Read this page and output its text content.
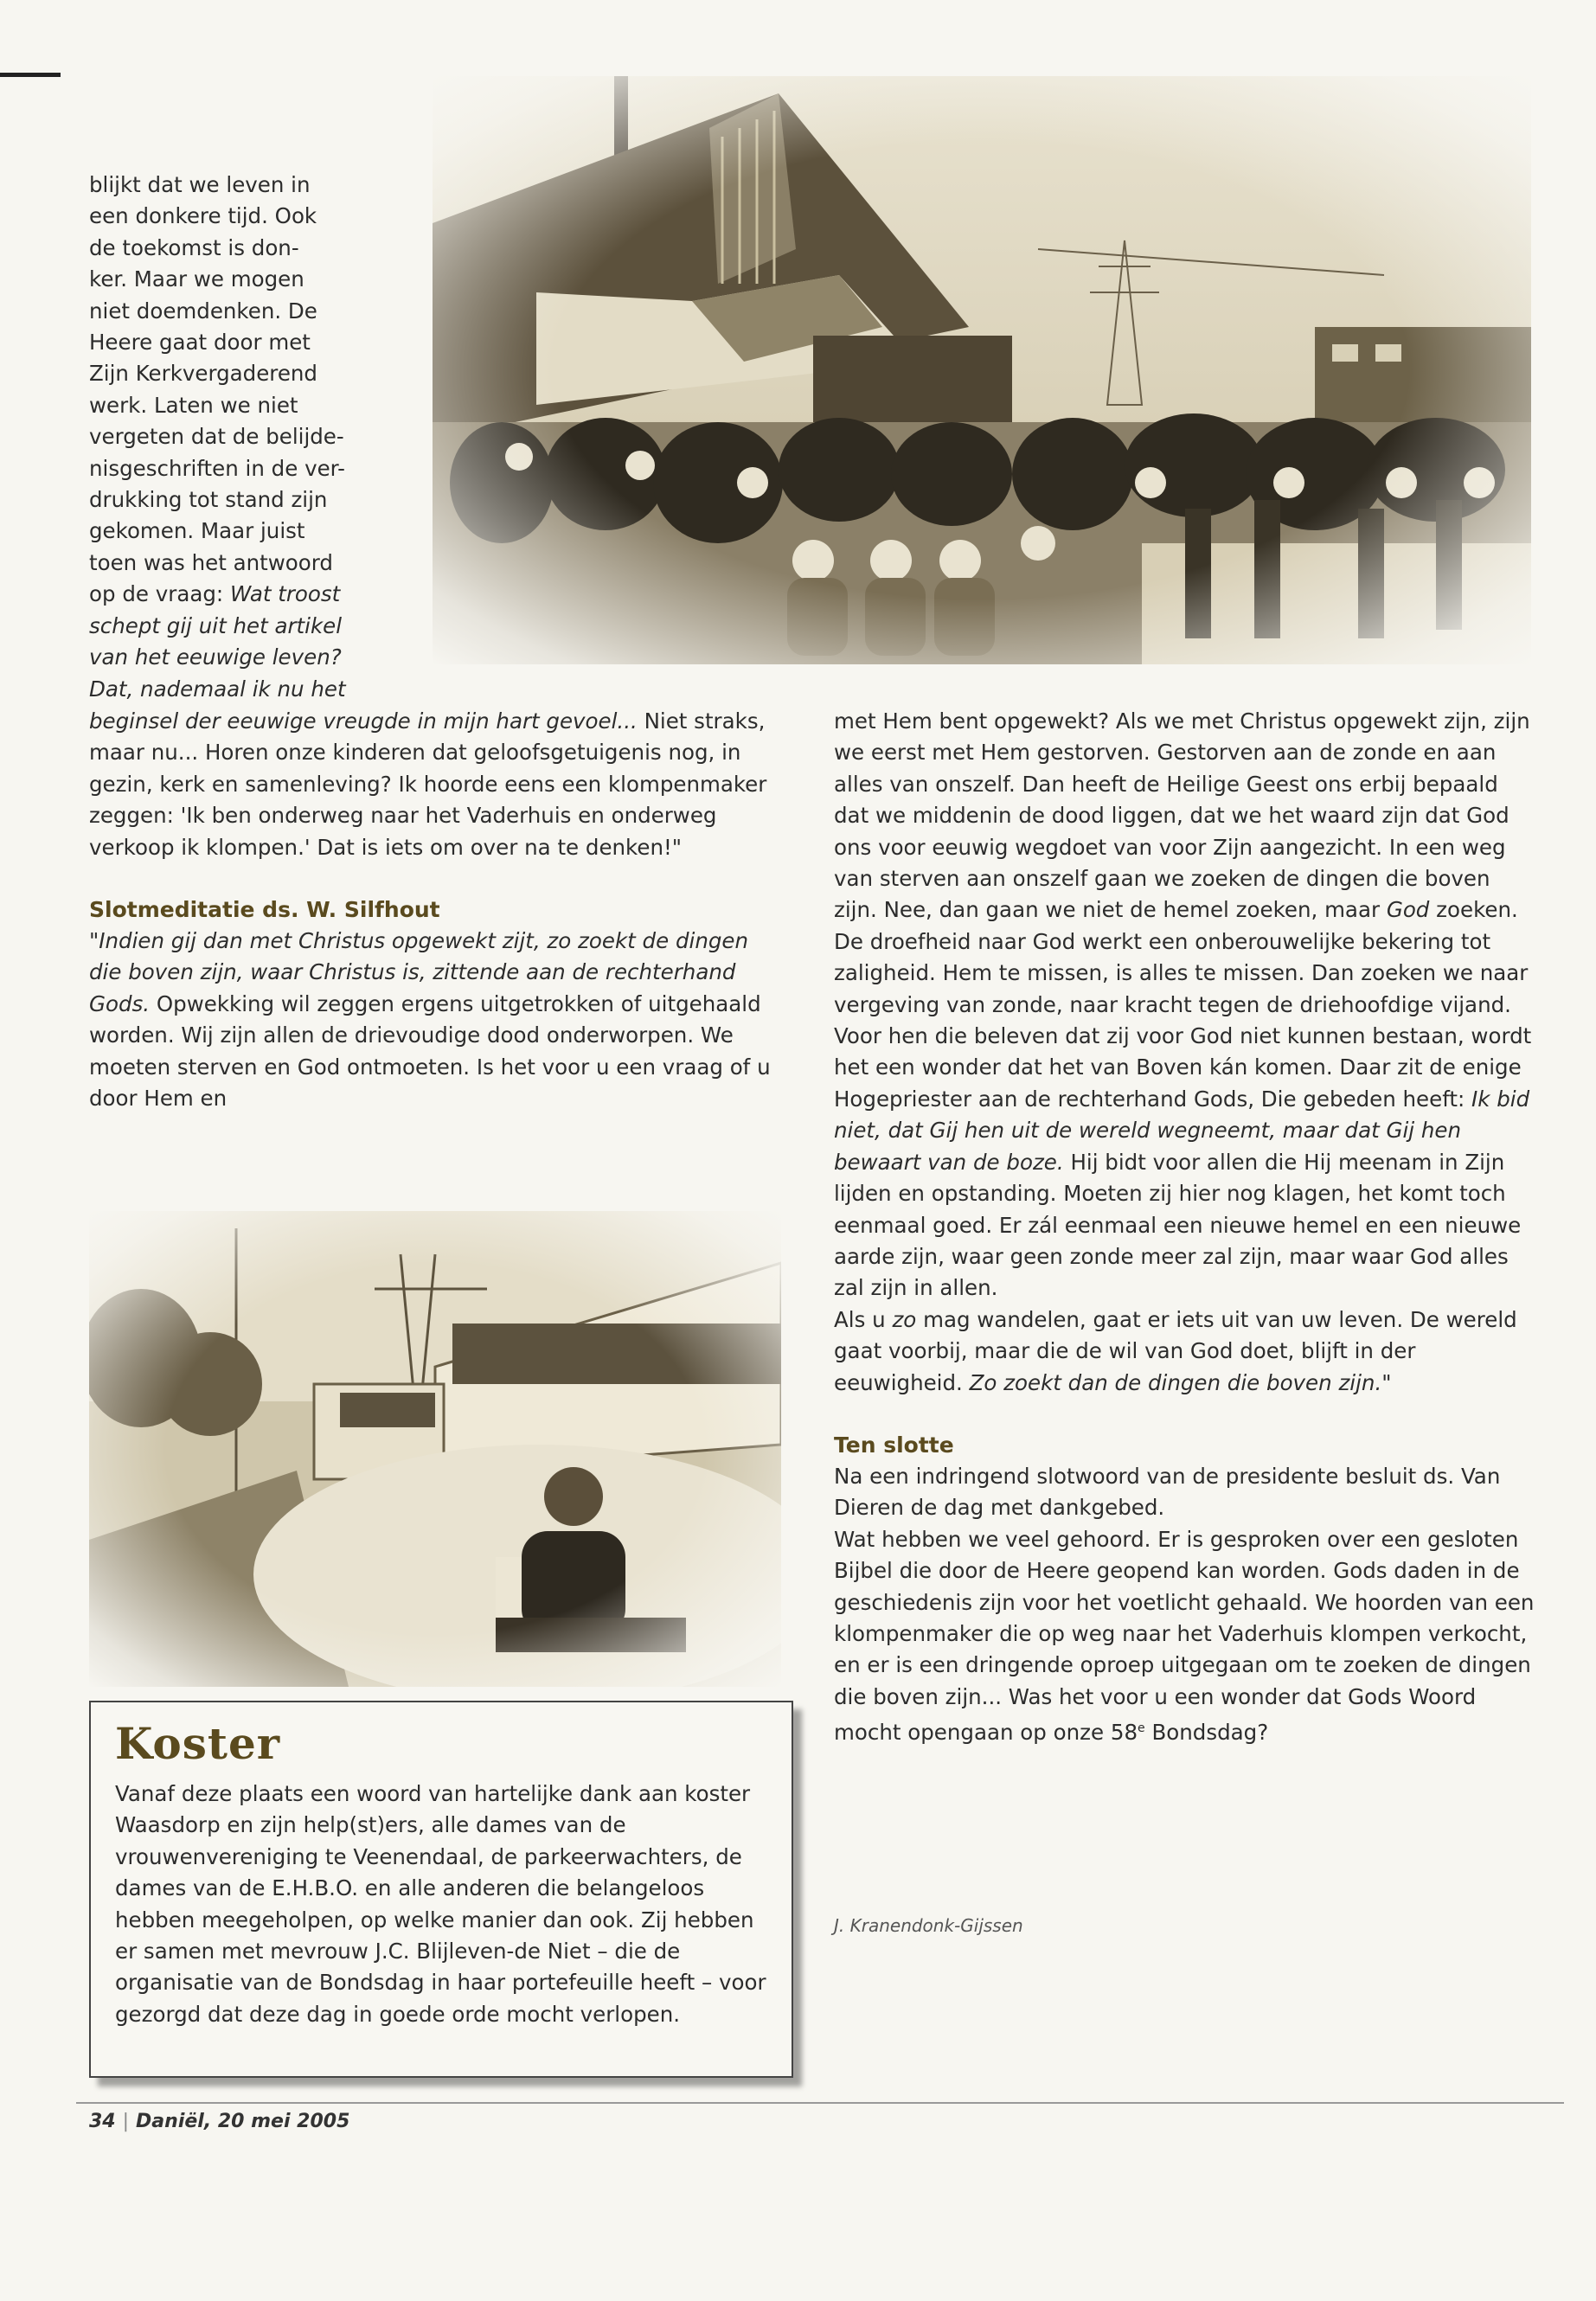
blijkt dat we leven in

een donkere tijd. Ook

de toekomst is don-

ker. Maar we mogen

niet doemdenken. De

Heere gaat door met

Zijn Kerkvergaderend

werk. Laten we niet

vergeten dat de belijde-

nisgeschriften in de ver-

drukking tot stand zijn

gekomen. Maar juist

toen was het antwoord

op de vraag: Wat troost

schept gij uit het artikel

van het eeuwige leven?

Dat, nademaal ik nu het

beginsel der eeuwige vreugde in mijn hart gevoel... Niet straks, maar nu... Horen onze kinderen dat geloofsgetuigenis nog, in gezin, kerk en samenleving? Ik hoorde eens een klompenmaker zeggen: 'Ik ben onderweg naar het Vaderhuis en onderweg verkoop ik klompen.' Dat is iets om over na te denken!"

Slotmeditatie ds. W. Silfhout

"Indien gij dan met Christus opgewekt zijt, zo zoekt de dingen die boven zijn, waar Christus is, zittende aan de rechterhand Gods. Opwekking wil zeggen ergens uitgetrokken of uitgehaald worden. Wij zijn allen de drievoudige dood onderworpen. We moeten sterven en God ontmoeten. Is het voor u een vraag of u door Hem en

Koster

Vanaf deze plaats een woord van hartelijke dank aan koster Waasdorp en zijn help(st)ers, alle dames van de vrouwenvereniging te Veenendaal, de parkeerwachters, de dames van de E.H.B.O. en alle anderen die belangeloos hebben meegeholpen, op welke manier dan ook. Zij hebben er samen met mevrouw J.C. Blijleven-de Niet – die de organisatie van de Bondsdag in haar portefeuille heeft – voor gezorgd dat deze dag in goede orde mocht verlopen.

met Hem bent opgewekt? Als we met Christus opgewekt zijn, zijn we eerst met Hem gestorven. Gestorven aan de zonde en aan alles van onszelf. Dan heeft de Heilige Geest ons erbij bepaald dat we middenin de dood liggen, dat we het waard zijn dat God ons voor eeuwig wegdoet van voor Zijn aangezicht. In een weg van sterven aan onszelf gaan we zoeken de dingen die boven zijn. Nee, dan gaan we niet de hemel zoeken, maar God zoeken. De droefheid naar God werkt een onberouwelijke bekering tot zaligheid. Hem te missen, is alles te missen. Dan zoeken we naar vergeving van zonde, naar kracht tegen de driehoofdige vijand. Voor hen die beleven dat zij voor God niet kunnen bestaan, wordt het een wonder dat het van Boven kán komen. Daar zit de enige Hogepriester aan de rechterhand Gods, Die gebeden heeft: Ik bid niet, dat Gij hen uit de wereld wegneemt, maar dat Gij hen bewaart van de boze. Hij bidt voor allen die Hij meenam in Zijn lijden en opstanding. Moeten zij hier nog klagen, het komt toch eenmaal goed. Er zál eenmaal een nieuwe hemel en een nieuwe aarde zijn, waar geen zonde meer zal zijn, maar waar God alles zal zijn in allen.

Als u zo mag wandelen, gaat er iets uit van uw leven. De wereld gaat voorbij, maar die de wil van God doet, blijft in der eeuwigheid. Zo zoekt dan de dingen die boven zijn."

Ten slotte

Na een indringend slotwoord van de presidente besluit ds. Van Dieren de dag met dankgebed.

Wat hebben we veel gehoord. Er is gesproken over een gesloten Bijbel die door de Heere geopend kan worden. Gods daden in de geschiedenis zijn voor het voetlicht gehaald. We hoorden van een klompenmaker die op weg naar het Vaderhuis klompen verkocht, en er is een dringende oproep uitgegaan om te zoeken de dingen die boven zijn... Was het voor u een wonder dat Gods Woord mocht opengaan op onze 58e Bondsdag?

J. Kranendonk-Gijssen
34 | Daniël, 20 mei 2005
